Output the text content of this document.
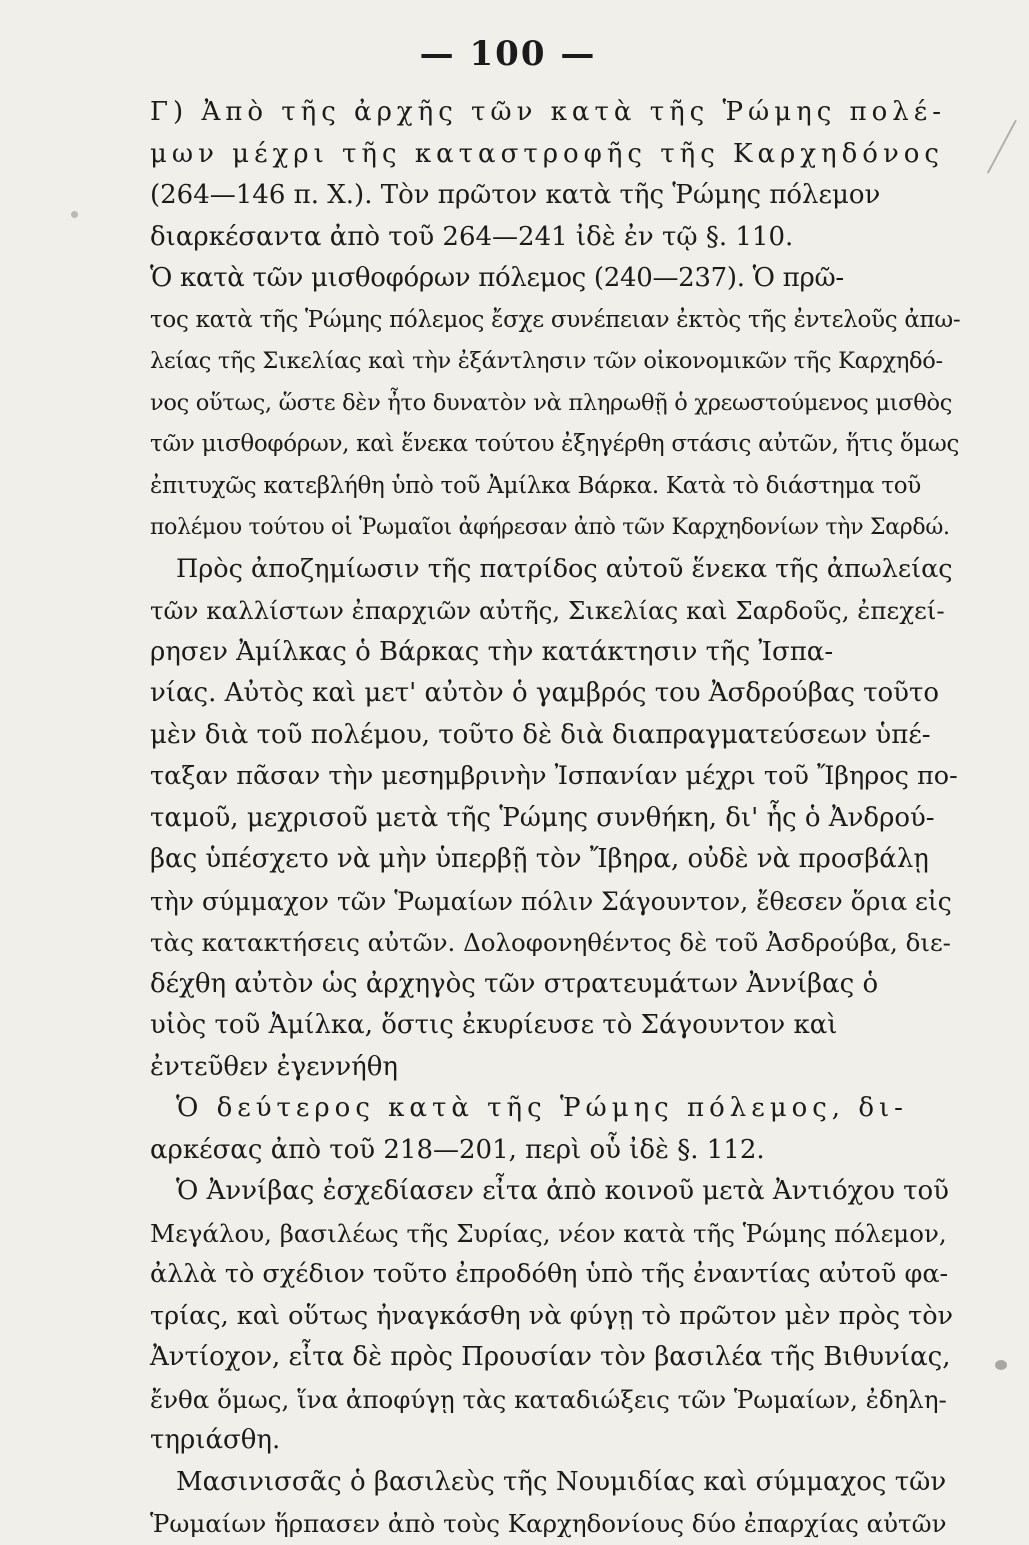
— 100 —
Γ) Ἀπὸ τῆς ἀρχῆς τῶν κατὰ τῆς Ῥώμης πολέ-
μων μέχρι τῆς καταστροφῆς τῆς Καρχηδόνος
(264—146 π. Χ.). Τὸν πρῶτον κατὰ τῆς Ῥώμης πόλεμον
διαρκέσαντα ἀπὸ τοῦ 264—241 ἰδὲ ἐν τῷ §. 110.
Ὁ κατὰ τῶν μισθοφόρων πόλεμος (240—237). Ὁ πρῶ-
τος κατὰ τῆς Ῥώμης πόλεμος ἔσχε συνέπειαν ἐκτὸς τῆς ἐντελοῦς ἀπω-
λείας τῆς Σικελίας καὶ τὴν ἐξάντλησιν τῶν οἰκονομικῶν τῆς Καρχηδό-
νος οὕτως, ὥστε δὲν ἦτο δυνατὸν νὰ πληρωθῇ ὁ χρεωστούμενος μισθὸς
τῶν μισθοφόρων, καὶ ἕνεκα τούτου ἐξηγέρθη στάσις αὐτῶν, ἥτις ὅμως
ἐπιτυχῶς κατεβλήθη ὑπὸ τοῦ Ἀμίλκα Βάρκα. Κατὰ τὸ διάστημα τοῦ
πολέμου τούτου οἱ Ῥωμαῖοι ἀφήρεσαν ἀπὸ τῶν Καρχηδονίων τὴν Σαρδώ.
Πρὸς ἀποζημίωσιν τῆς πατρίδος αὐτοῦ ἕνεκα τῆς ἀπωλείας
τῶν καλλίστων ἐπαρχιῶν αὐτῆς, Σικελίας καὶ Σαρδοῦς, ἐπεχεί-
ρησεν Ἀμίλκας ὁ Βάρκας τὴν κατάκτησιν τῆς Ἰσπα-
νίας. Αὐτὸς καὶ μετ' αὐτὸν ὁ γαμβρός του Ἀσδρούβας τοῦτο
μὲν διὰ τοῦ πολέμου, τοῦτο δὲ διὰ διαπραγματεύσεων ὑπέ-
ταξαν πᾶσαν τὴν μεσημβρινὴν Ἰσπανίαν μέχρι τοῦ Ἴβηρος πο-
ταμοῦ, μεχρισοῦ μετὰ τῆς Ῥώμης συνθήκη, δι' ἧς ὁ Ἀνδρού-
βας ὑπέσχετο νὰ μὴν ὑπερβῇ τὸν Ἴβηρα, οὐδὲ νὰ προσβάλῃ
τὴν σύμμαχον τῶν Ῥωμαίων πόλιν Σάγουντον, ἔθεσεν ὅρια εἰς
τὰς κατακτήσεις αὐτῶν. Δολοφονηθέντος δὲ τοῦ Ἀσδρούβα, διε-
δέχθη αὐτὸν ὡς ἀρχηγὸς τῶν στρατευμάτων Ἀννίβας ὁ
υἱὸς τοῦ Ἀμίλκα, ὅστις ἐκυρίευσε τὸ Σάγουντον καὶ
ἐντεῦθεν ἐγεννήθη
Ὁ δεύτερος κατὰ τῆς Ῥώμης πόλεμος, δι-
αρκέσας ἀπὸ τοῦ 218—201, περὶ οὗ ἰδὲ §. 112.
Ὁ Ἀννίβας ἐσχεδίασεν εἶτα ἀπὸ κοινοῦ μετὰ Ἀντιόχου τοῦ
Μεγάλου, βασιλέως τῆς Συρίας, νέον κατὰ τῆς Ῥώμης πόλεμον,
ἀλλὰ τὸ σχέδιον τοῦτο ἐπροδόθη ὑπὸ τῆς ἐναντίας αὐτοῦ φα-
τρίας, καὶ οὕτως ἠναγκάσθη νὰ φύγῃ τὸ πρῶτον μὲν πρὸς τὸν
Ἀντίοχον, εἶτα δὲ πρὸς Προυσίαν τὸν βασιλέα τῆς Βιθυνίας,
ἔνθα ὅμως, ἵνα ἀποφύγῃ τὰς καταδιώξεις τῶν Ῥωμαίων, ἐδηλη-
τηριάσθη.
Μασινισσᾶς ὁ βασιλεὺς τῆς Νουμιδίας καὶ σύμμαχος τῶν
Ῥωμαίων ἥρπασεν ἀπὸ τοὺς Καρχηδονίους δύο ἐπαρχίας αὐτῶν
